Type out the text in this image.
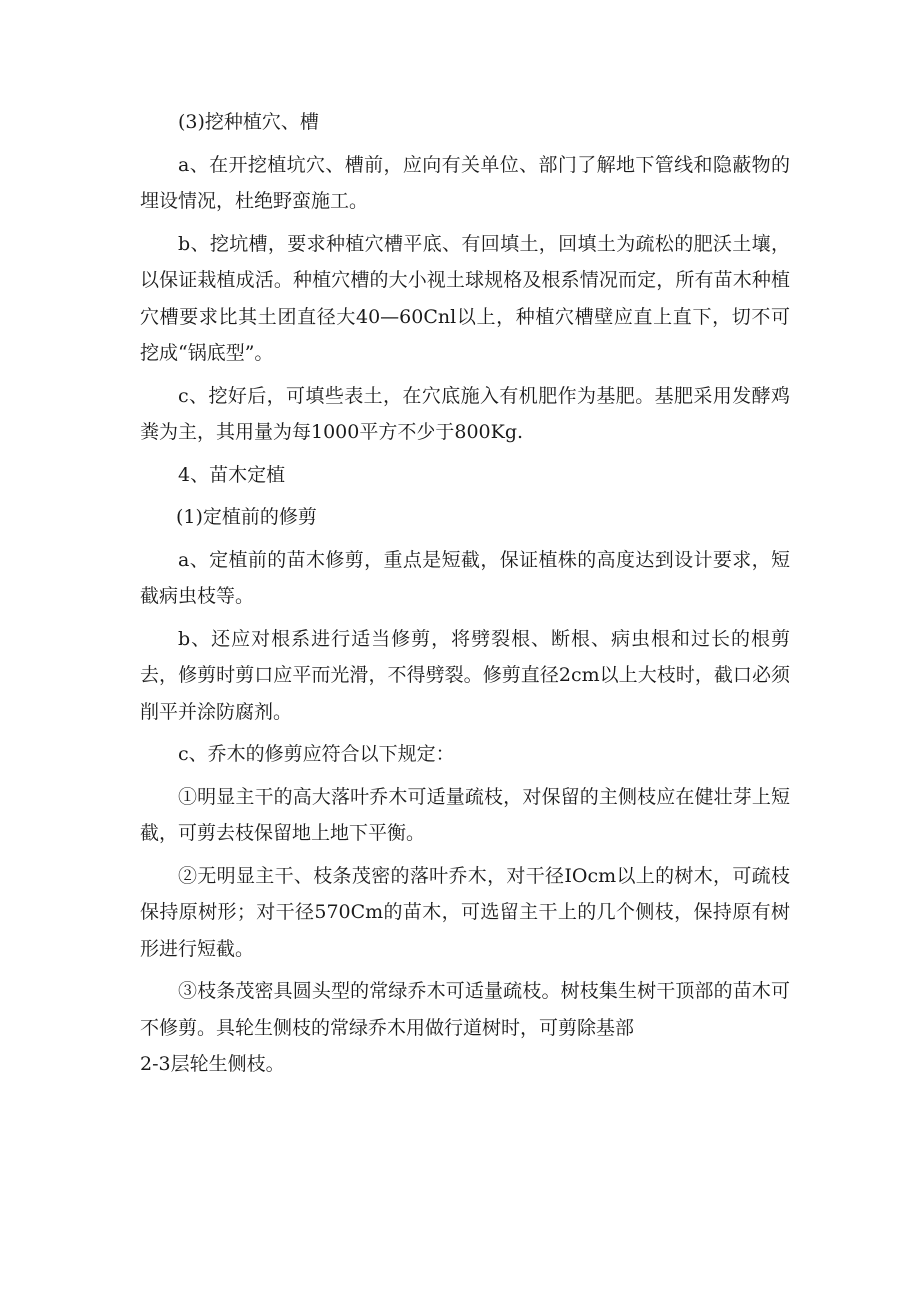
(3)挖种植穴、槽

a、在开挖植坑穴、槽前，应向有关单位、部门了解地下管线和隐蔽物的埋设情况，杜绝野蛮施工。

b、挖坑槽，要求种植穴槽平底、有回填土，回填土为疏松的肥沃土壤，以保证栽植成活。种植穴槽的大小视土球规格及根系情况而定，所有苗木种植穴槽要求比其土团直径大40—60Cnl以上，种植穴槽壁应直上直下，切不可挖成“锅底型”。

c、挖好后，可填些表土，在穴底施入有机肥作为基肥。基肥采用发酵鸡粪为主，其用量为每1000平方不少于800Kg.

4、苗木定植

(1)定植前的修剪

a、定植前的苗木修剪，重点是短截，保证植株的高度达到设计要求，短截病虫枝等。

b、还应对根系进行适当修剪，将劈裂根、断根、病虫根和过长的根剪去，修剪时剪口应平而光滑，不得劈裂。修剪直径2cm以上大枝时，截口必须削平并涂防腐剂。

c、乔木的修剪应符合以下规定：

①明显主干的高大落叶乔木可适量疏枝，对保留的主侧枝应在健壮芽上短截，可剪去枝保留地上地下平衡。

②无明显主干、枝条茂密的落叶乔木，对干径IOcm以上的树木，可疏枝保持原树形；对干径570Cm的苗木，可选留主干上的几个侧枝，保持原有树形进行短截。

③枝条茂密具圆头型的常绿乔木可适量疏枝。树枝集生树干顶部的苗木可不修剪。具轮生侧枝的常绿乔木用做行道树时，可剪除基部

2-3层轮生侧枝。
